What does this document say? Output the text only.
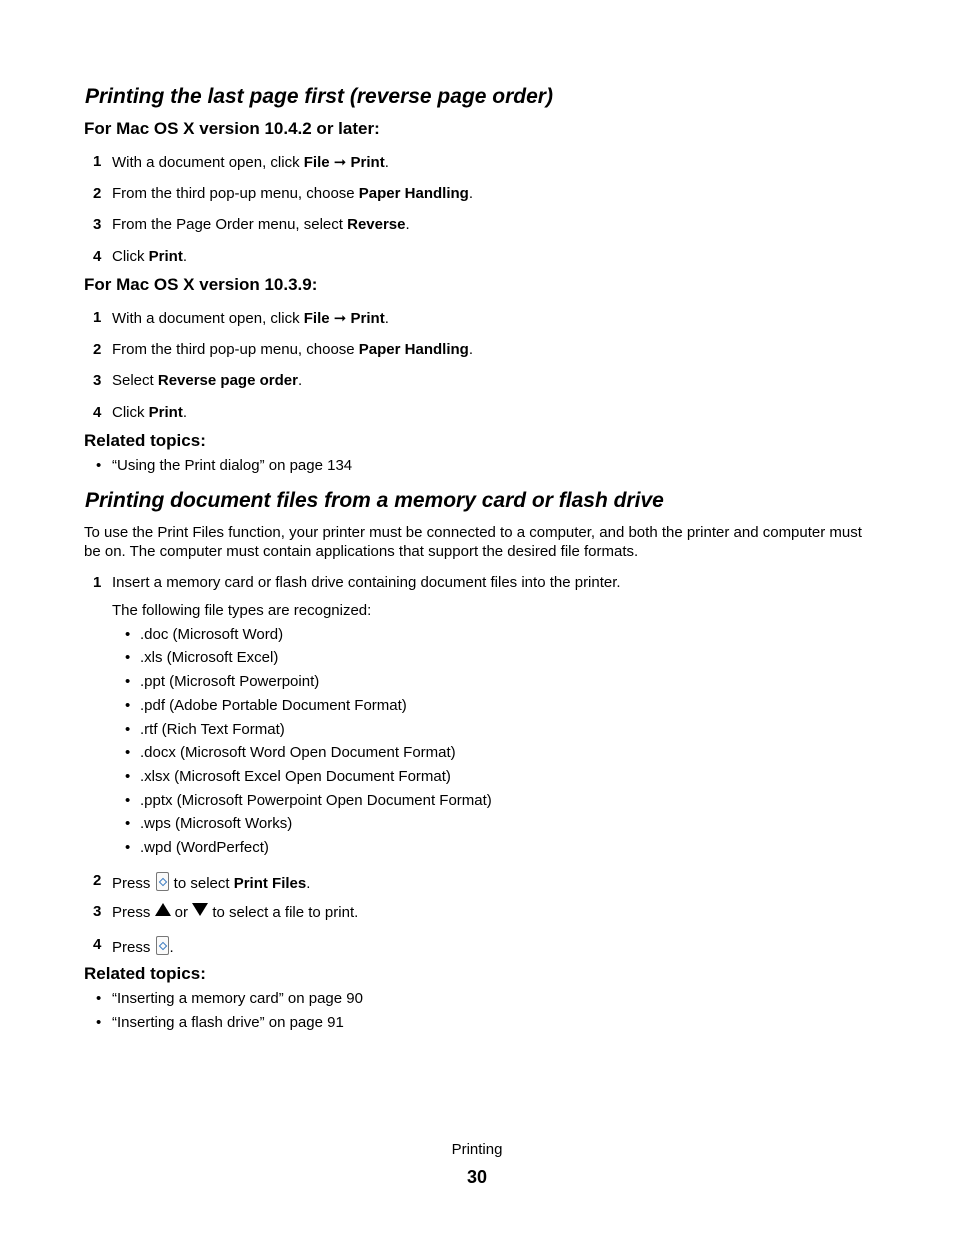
Printing the last page first (reverse page order)
For Mac OS X version 10.4.2 or later:
1 With a document open, click File ➞ Print.
2 From the third pop-up menu, choose Paper Handling.
3 From the Page Order menu, select Reverse.
4 Click Print.
For Mac OS X version 10.3.9:
1 With a document open, click File ➞ Print.
2 From the third pop-up menu, choose Paper Handling.
3 Select Reverse page order.
4 Click Print.
Related topics:
• “Using the Print dialog” on page 134
Printing document files from a memory card or flash drive
To use the Print Files function, your printer must be connected to a computer, and both the printer and computer must be on. The computer must contain applications that support the desired file formats.
1 Insert a memory card or flash drive containing document files into the printer.
The following file types are recognized:
• .doc (Microsoft Word)
• .xls (Microsoft Excel)
• .ppt (Microsoft Powerpoint)
• .pdf (Adobe Portable Document Format)
• .rtf (Rich Text Format)
• .docx (Microsoft Word Open Document Format)
• .xlsx (Microsoft Excel Open Document Format)
• .pptx (Microsoft Powerpoint Open Document Format)
• .wps (Microsoft Works)
• .wpd (WordPerfect)
2 Press  to select Print Files.
3 Press  or  to select a file to print.
4 Press .
Related topics:
• “Inserting a memory card” on page 90
• “Inserting a flash drive” on page 91
Printing
30
